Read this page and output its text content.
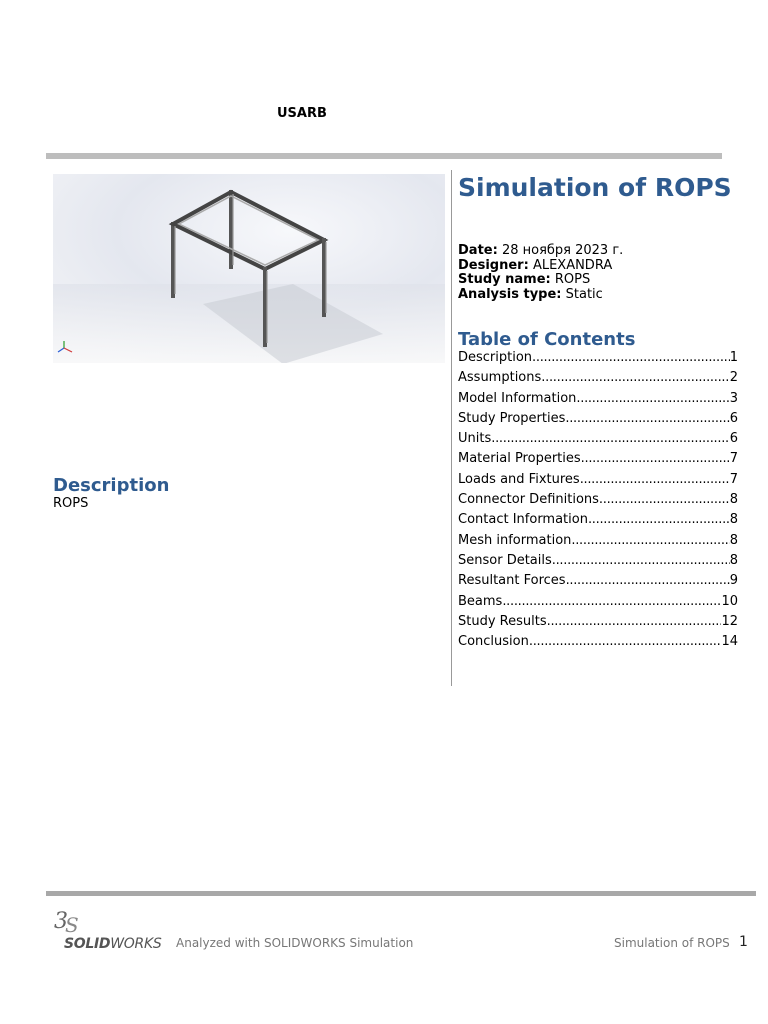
USARB
Simulation of ROPS
Date: 28 ноября 2023 г.
Designer: ALEXANDRA
Study name: ROPS
Analysis type: Static
Table of Contents
Description .....	1
Assumptions .....	2
Model Information .....	3
Study Properties .....	6
Units .....	6
Material Properties .....	7
Loads and Fixtures .....	7
Connector Definitions .....	8
Contact Information .....	8
Mesh information .....	8
Sensor Details .....	8
Resultant Forces .....	9
Beams .....	10
Study Results .....	12
Conclusion .....	14
Description
ROPS
3
S
SOLIDWORKS Analyzed with SOLIDWORKS Simulation	Simulation of ROPS 1
